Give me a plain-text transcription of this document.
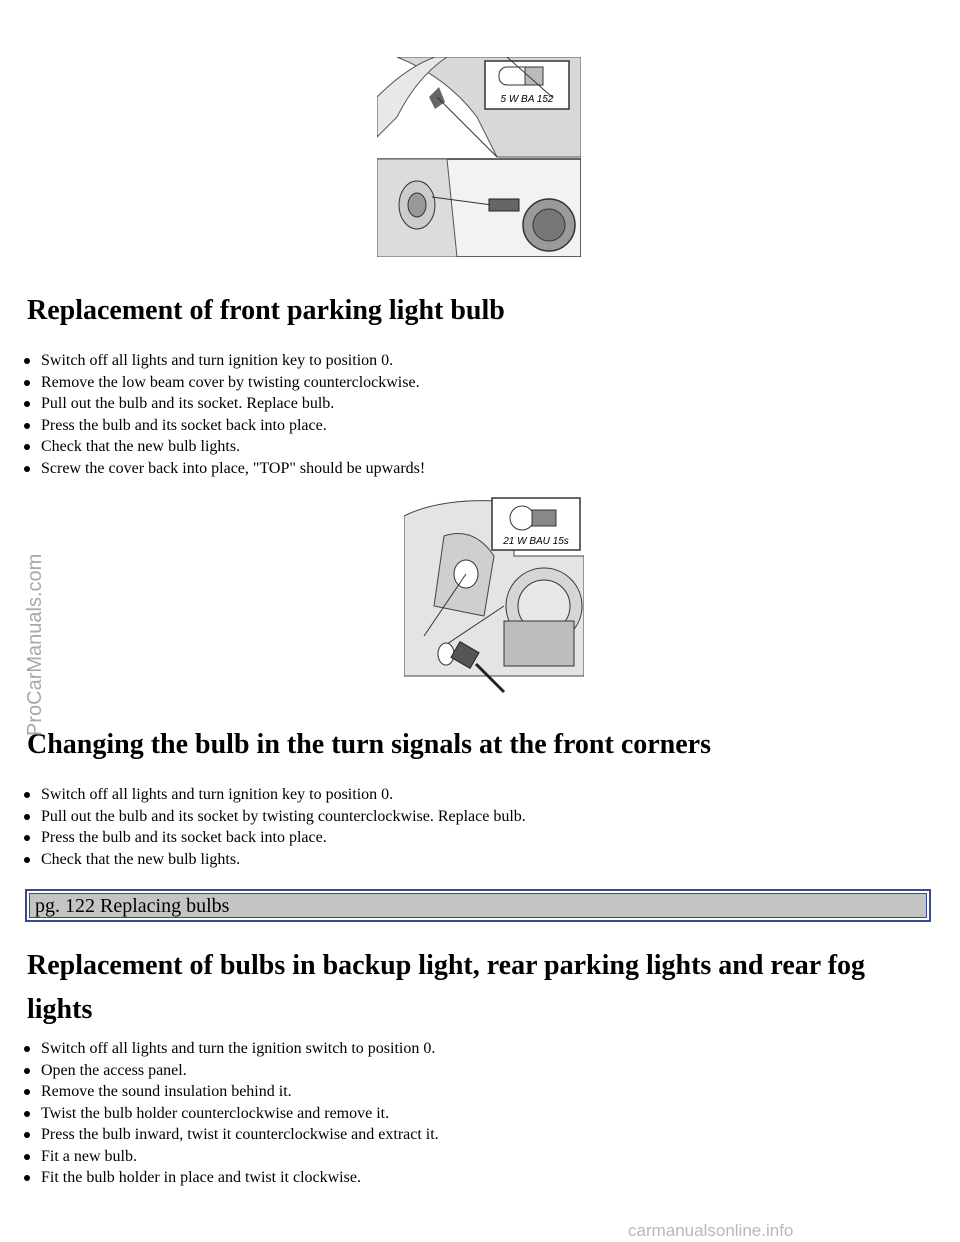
5 W BA 152
Replacement of front parking light bulb
Switch off all lights and turn ignition key to position 0.
Remove the low beam cover by twisting counterclockwise.
Pull out the bulb and its socket. Replace bulb.
Press the bulb and its socket back into place.
Check that the new bulb lights.
Screw the cover back into place, "TOP" should be upwards!
21 W BAU 15s
Changing the bulb in the turn signals at the front corners
Switch off all lights and turn ignition key to position 0.
Pull out the bulb and its socket by twisting counterclockwise. Replace bulb.
Press the bulb and its socket back into place.
Check that the new bulb lights.
pg. 122 Replacing bulbs
Replacement of bulbs in backup light, rear parking lights and rear fog lights
Switch off all lights and turn the ignition switch to position 0.
Open the access panel.
Remove the sound insulation behind it.
Twist the bulb holder counterclockwise and remove it.
Press the bulb inward, twist it counterclockwise and extract it.
Fit a new bulb.
Fit the bulb holder in place and twist it clockwise.
ProCarManuals.com
carmanualsonline.info
